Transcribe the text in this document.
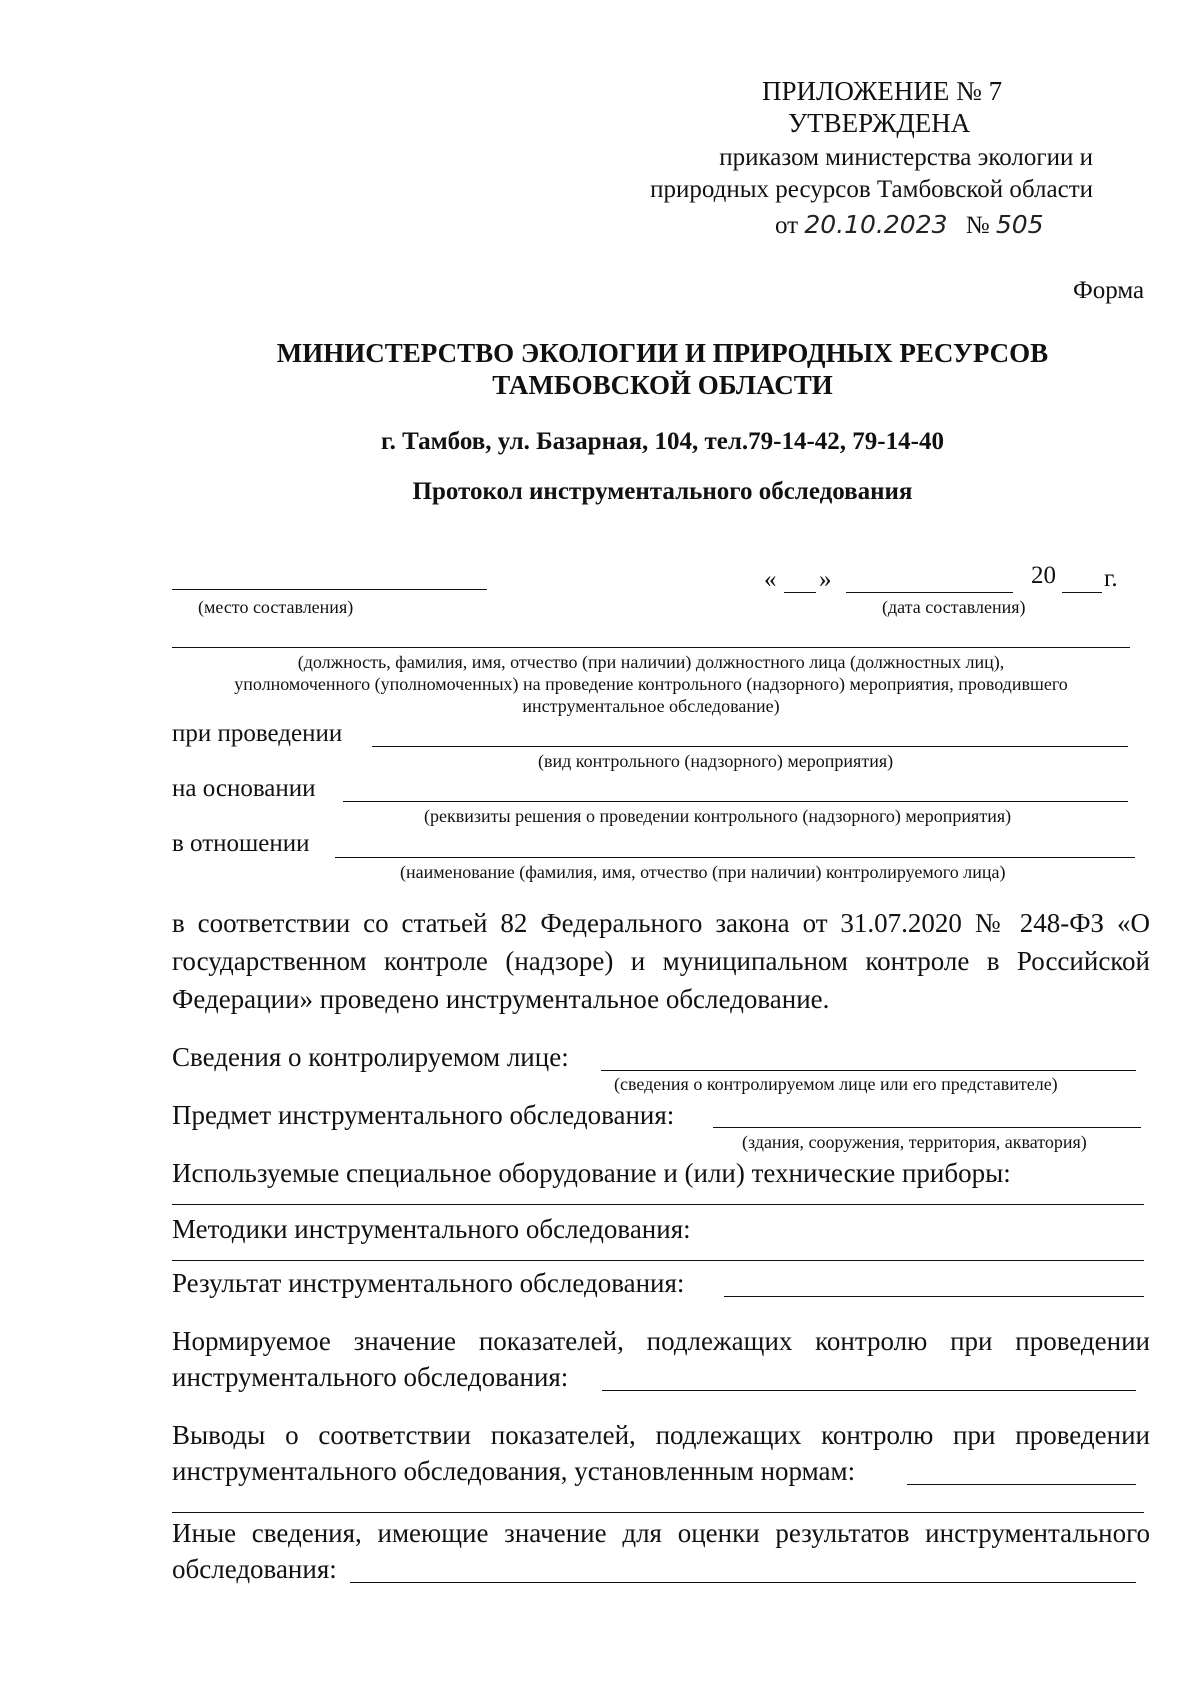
ПРИЛОЖЕНИЕ № 7
УТВЕРЖДЕНА
приказом министерства экологии и
природных ресурсов Тамбовской области
от 20.10.2023 № 505
Форма
МИНИСТЕРСТВО ЭКОЛОГИИ И ПРИРОДНЫХ РЕСУРСОВ
ТАМБОВСКОЙ ОБЛАСТИ
г. Тамбов, ул. Базарная, 104, тел.79-14-42, 79-14-40
Протокол инструментального обследования
« »	20 г.
(место составления)	(дата составления)
(должность, фамилия, имя, отчество (при наличии) должностного лица (должностных лиц),
уполномоченного (уполномоченных) на проведение контрольного (надзорного) мероприятия, проводившего
инструментальное обследование)
при проведении
(вид контрольного (надзорного) мероприятия)
на основании
(реквизиты решения о проведении контрольного (надзорного) мероприятия)
в отношении
(наименование (фамилия, имя, отчество (при наличии) контролируемого лица)
в соответствии со статьей 82 Федерального закона от 31.07.2020 № 248-ФЗ «О
государственном контроле (надзоре) и муниципальном контроле в Российской
Федерации» проведено инструментальное обследование.
Сведения о контролируемом лице:
(сведения о контролируемом лице или его представителе)
Предмет инструментального обследования:
(здания, сооружения, территория, акватория)
Используемые специальное оборудование и (или) технические приборы:
Методики инструментального обследования:
Результат инструментального обследования:
Нормируемое значение показателей, подлежащих контролю при проведении
инструментального обследования:
Выводы о соответствии показателей, подлежащих контролю при проведении
инструментального обследования, установленным нормам:
Иные сведения, имеющие значение для оценки результатов инструментального
обследования:
